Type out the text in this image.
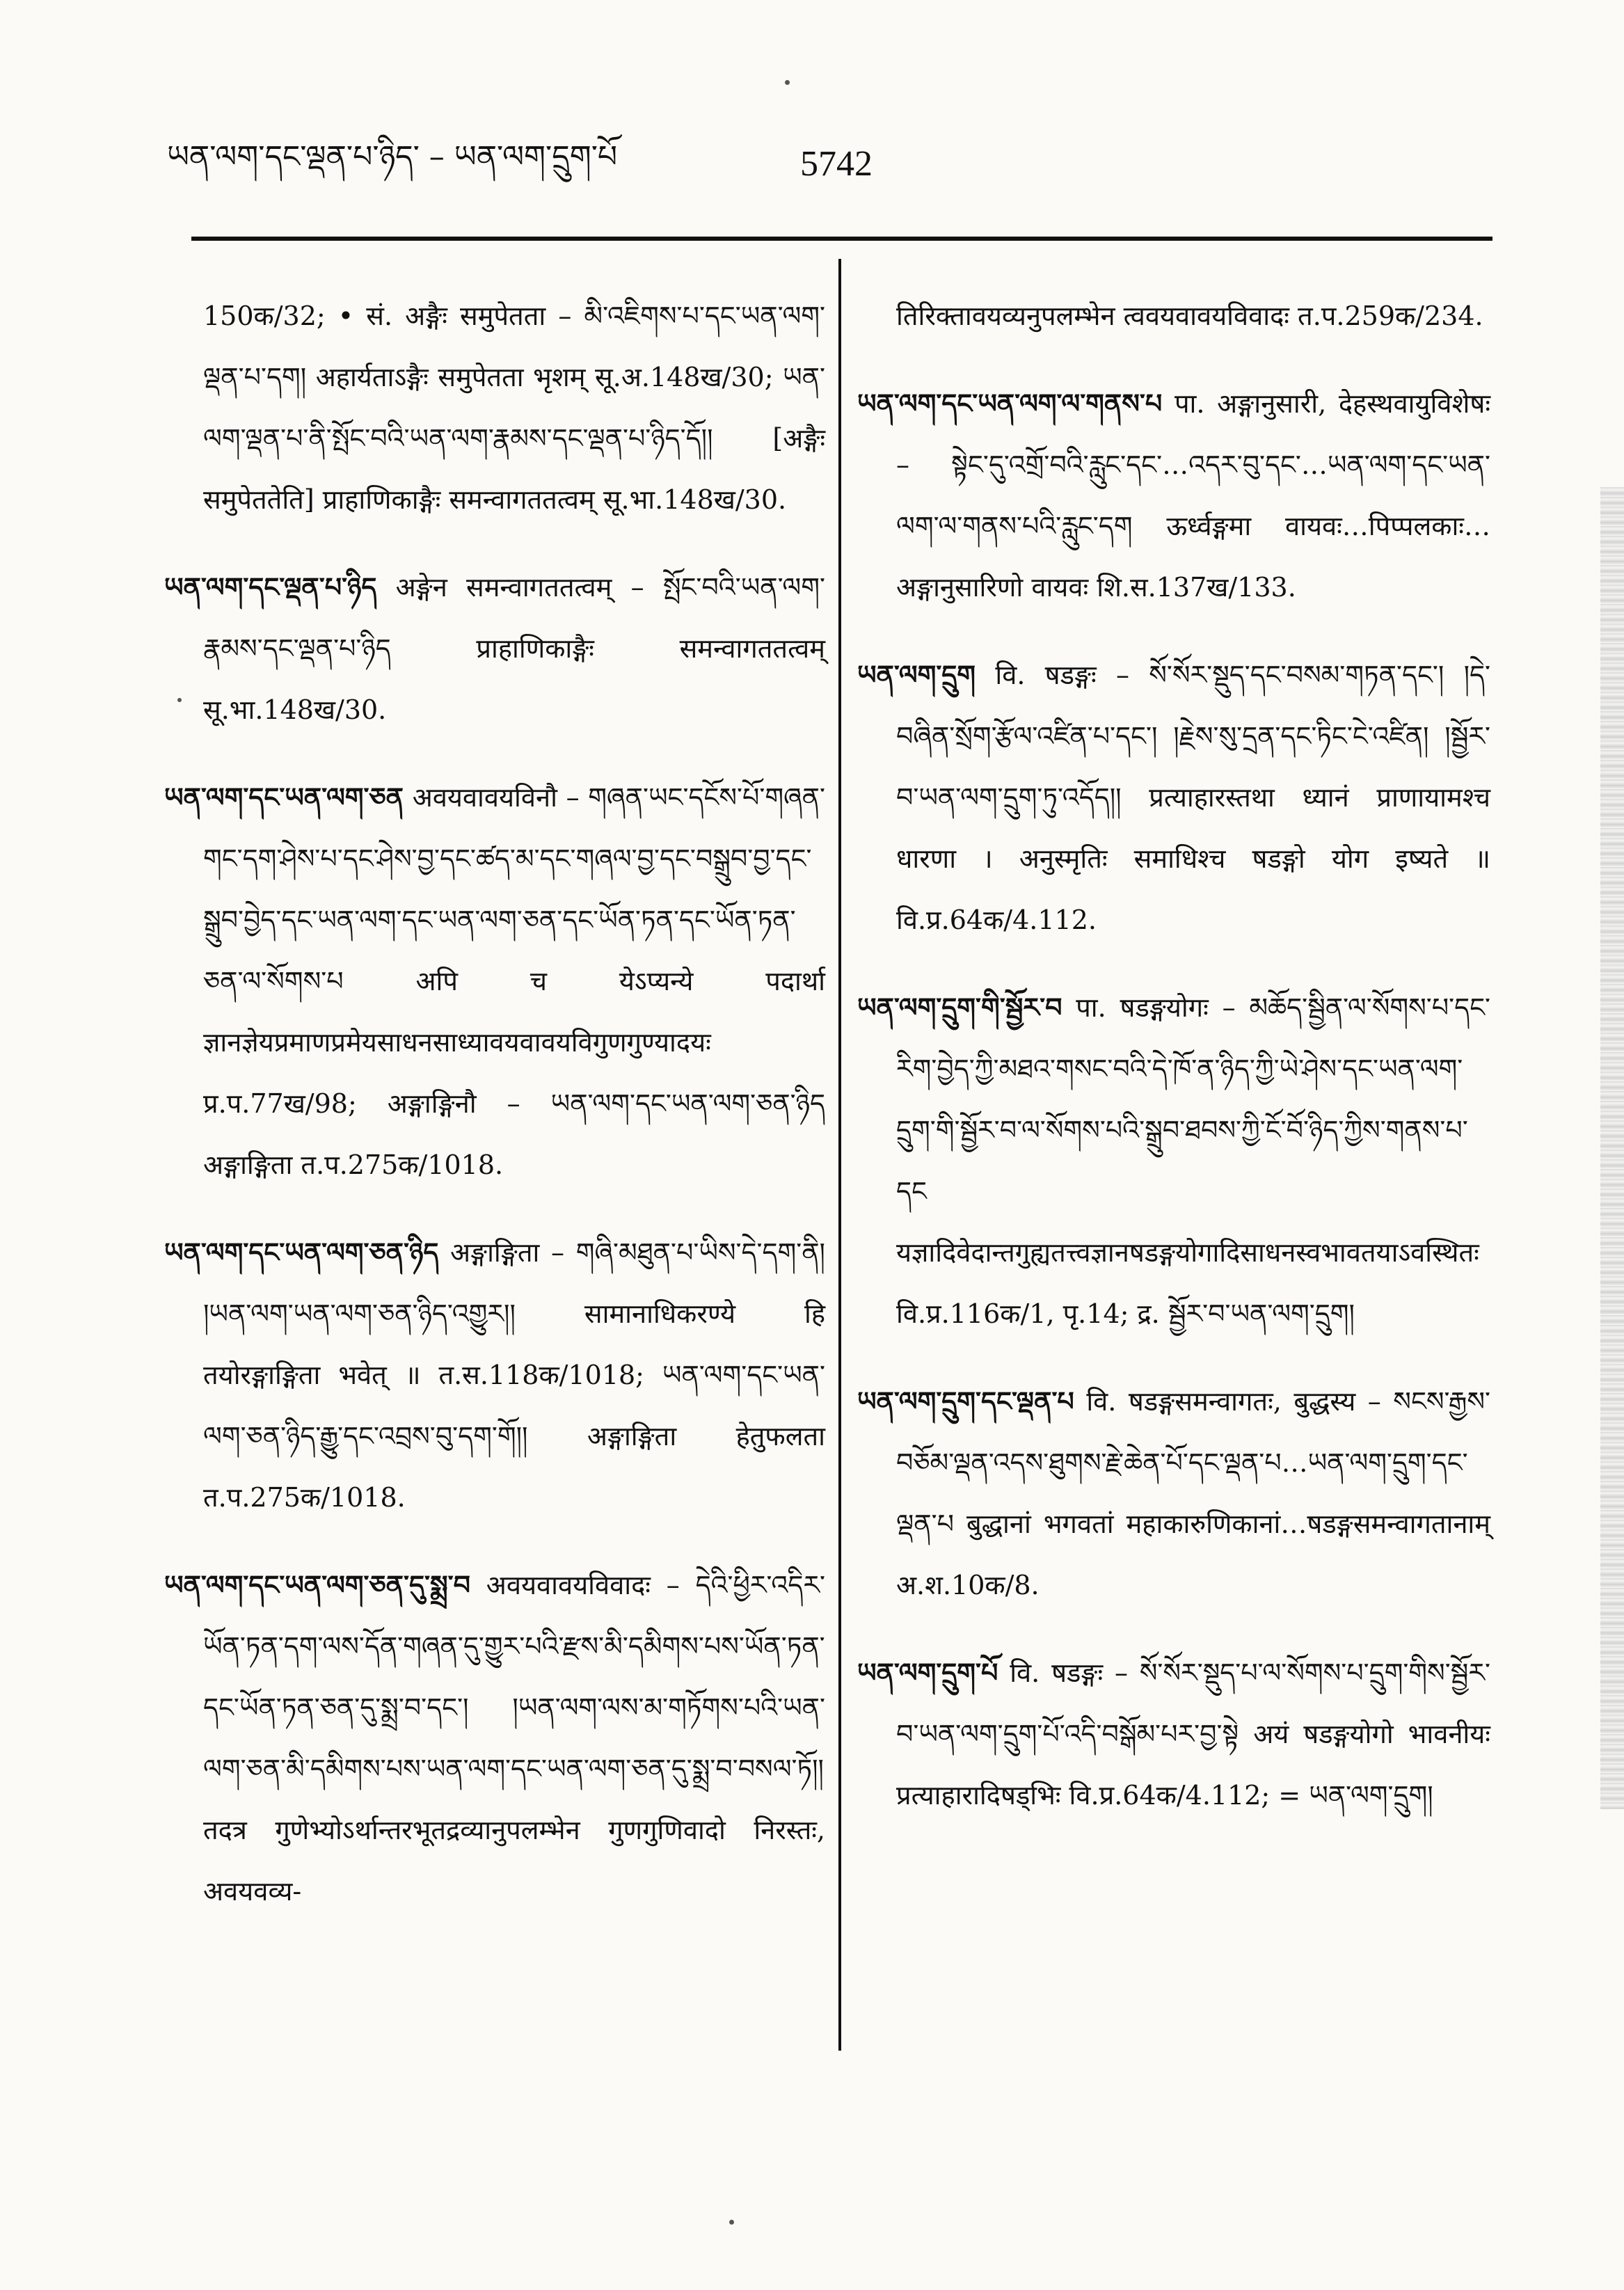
ཡན་ལག་དང་ལྡན་པ་ཉིད་ – ཡན་ལག་དྲུག་པོ	5742

150क/32; • सं. अङ्गैः समुपेतता – མི་འཇིགས་པ་དང་ཡན་ལག་ལྡན་པ་དག། अहार्यताऽङ्गैः समुपेतता भृशम् सू.अ.148ख/30; ཡན་ལག་ལྡན་པ་ནི་སྤོང་བའི་ཡན་ལག་རྣམས་དང་ལྡན་པ་ཉིད་དོ།། [अङ्गैः समुपेततेति] प्राहाणिकाङ्गैः समन्वागततत्वम् सू.भा.148ख/30.

ཡན་ལག་དང་ལྡན་པ་ཉིད अङ्गेन समन्वागततत्वम् – སྤོང་བའི་ཡན་ལག་རྣམས་དང་ལྡན་པ་ཉིད प्राहाणिकाङ्गैः समन्वागततत्वम् सू.भा.148ख/30.

ཡན་ལག་དང་ཡན་ལག་ཅན अवयवावयविनौ – གཞན་ཡང་དངོས་པོ་གཞན་གང་དག་ཤེས་པ་དང་ཤེས་བྱ་དང་ཚད་མ་དང་གཞལ་བྱ་དང་བསྒྲུབ་བྱ་དང་སྒྲུབ་བྱེད་དང་ཡན་ལག་དང་ཡན་ལག་ཅན་དང་ཡོན་ཏན་དང་ཡོན་ཏན་ཅན་ལ་སོགས་པ अपि च येऽप्यन्ये पदार्था ज्ञानज्ञेयप्रमाणप्रमेयसाधनसाध्यावयवावयविगुणगुण्यादयः प्र.प.77ख/98; अङ्गाङ्गिनौ – ཡན་ལག་དང་ཡན་ལག་ཅན་ཉིད अङ्गाङ्गिता त.प.275क/1018.

ཡན་ལག་དང་ཡན་ལག་ཅན་ཉིད अङ्गाङ्गिता – གཞི་མཐུན་པ་ཡིས་དེ་དག་ནི། །ཡན་ལག་ཡན་ལག་ཅན་ཉིད་འགྱུར།། सामानाधिकरण्ये हि तयोरङ्गाङ्गिता भवेत् ॥ त.स.118क/1018; ཡན་ལག་དང་ཡན་ལག་ཅན་ཉིད་རྒྱུ་དང་འབྲས་བུ་དག་གོ།། अङ्गाङ्गिता हेतुफलता त.प.275क/1018.

ཡན་ལག་དང་ཡན་ལག་ཅན་དུ་སྨྲ་བ अवयवावयविवादः – དེའི་ཕྱིར་འདིར་ཡོན་ཏན་དག་ལས་དོན་གཞན་དུ་གྱུར་པའི་རྫས་མི་དམིགས་པས་ཡོན་ཏན་དང་ཡོན་ཏན་ཅན་དུ་སྨྲ་བ་དང་། །ཡན་ལག་ལས་མ་གཏོགས་པའི་ཡན་ལག་ཅན་མི་དམིགས་པས་ཡན་ལག་དང་ཡན་ལག་ཅན་དུ་སྨྲ་བ་བསལ་ཏོ།། तदत्र गुणेभ्योऽर्थान्तरभूतद्रव्यानुपलम्भेन गुणगुणिवादो निरस्तः, अवयवव्य-

तिरिक्तावयव्यनुपलम्भेन त्ववयवावयविवादः त.प.259क/234.

ཡན་ལག་དང་ཡན་ལག་ལ་གནས་པ पा. अङ्गानुसारी, देहस्थवायुविशेषः – སྟེང་དུ་འགྲོ་བའི་རླུང་དང་…འདར་བུ་དང་…ཡན་ལག་དང་ཡན་ལག་ལ་གནས་པའི་རླུང་དག ऊर्ध्वङ्गमा वायवः…पिप्पलकाः…अङ्गानुसारिणो वायवः शि.स.137ख/133.

ཡན་ལག་དྲུག वि. षडङ्गः – སོ་སོར་སྡུད་དང་བསམ་གཏན་དང་། །དེ་བཞིན་སྲོག་རྩོལ་འཛིན་པ་དང་། །རྗེས་སུ་དྲན་དང་ཏིང་ངེ་འཛིན། །སྦྱོར་བ་ཡན་ལག་དྲུག་ཏུ་འདོད།། प्रत्याहारस्तथा ध्यानं प्राणायामश्च धारणा । अनुस्मृतिः समाधिश्च षडङ्गो योग इष्यते ॥ वि.प्र.64क/4.112.

ཡན་ལག་དྲུག་གི་སྦྱོར་བ पा. षडङ्गयोगः – མཆོད་སྦྱིན་ལ་སོགས་པ་དང་རིག་བྱེད་ཀྱི་མཐའ་གསང་བའི་དེ་ཁོ་ན་ཉིད་ཀྱི་ཡེ་ཤེས་དང་ཡན་ལག་དྲུག་གི་སྦྱོར་བ་ལ་སོགས་པའི་སྒྲུབ་ཐབས་ཀྱི་ངོ་བོ་ཉིད་ཀྱིས་གནས་པ་དང यज्ञादिवेदान्तगुह्यतत्त्वज्ञानषडङ्गयोगादिसाधनस्वभावतयाऽवस्थितः वि.प्र.116क/1, पृ.14; द्र. སྦྱོར་བ་ཡན་ལག་དྲུག།

ཡན་ལག་དྲུག་དང་ལྡན་པ वि. षडङ्गसमन्वागतः, बुद्धस्य – སངས་རྒྱས་བཅོམ་ལྡན་འདས་ཐུགས་རྗེ་ཆེན་པོ་དང་ལྡན་པ…ཡན་ལག་དྲུག་དང་ལྡན་པ बुद्धानां भगवतां महाकारुणिकानां…षडङ्गसमन्वागतानाम् अ.श.10क/8.

ཡན་ལག་དྲུག་པོ वि. षडङ्गः – སོ་སོར་སྡུད་པ་ལ་སོགས་པ་དྲུག་གིས་སྦྱོར་བ་ཡན་ལག་དྲུག་པོ་འདི་བསྒོམ་པར་བྱ་སྟེ अयं षडङ्गयोगो भावनीयः प्रत्याहारादिषड्भिः वि.प्र.64क/4.112; = ཡན་ལག་དྲུག།
